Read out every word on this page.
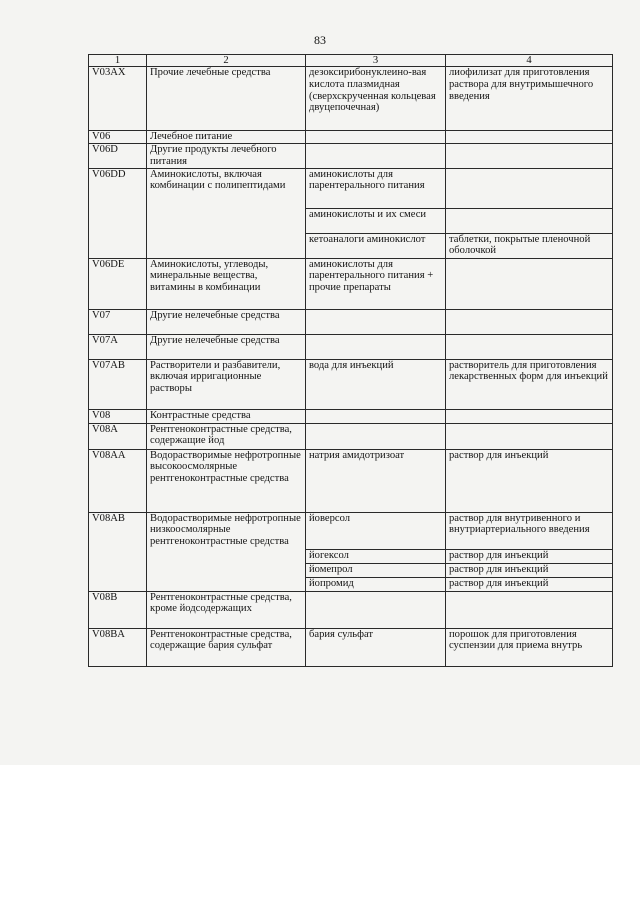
83
1	2	3	4
V03AX	Прочие лечебные средства	дезоксирибонуклеино-вая кислота плазмидная (сверхскрученная кольцевая двуцепочечная)	лиофилизат для приготовления раствора для внутримышечного введения
V06	Лечебное питание		
V06D	Другие продукты лечебного питания		
V06DD	Аминокислоты, включая комбинации с полипептидами	аминокислоты для парентерального питания	
		аминокислоты и их смеси	
		кетоаналоги аминокислот	таблетки, покрытые пленочной оболочкой
V06DE	Аминокислоты, углеводы, минеральные вещества, витамины в комбинации	аминокислоты для парентерального питания + прочие препараты	
V07	Другие нелечебные средства		
V07A	Другие нелечебные средства		
V07AB	Растворители и разбавители, включая ирригационные растворы	вода для инъекций	растворитель для приготовления лекарственных форм для инъекций
V08	Контрастные средства		
V08A	Рентгеноконтрастные средства, содержащие йод		
V08AA	Водорастворимые нефротропные высокоосмолярные рентгеноконтрастные средства	натрия амидотризоат	раствор для инъекций
V08AB	Водорастворимые нефротропные низкоосмолярные рентгеноконтрастные средства	йоверсол	раствор для внутривенного и внутриартериального введения
		йогексол	раствор для инъекций
		йомепрол	раствор для инъекций
		йопромид	раствор для инъекций
V08B	Рентгеноконтрастные средства, кроме йодсодержащих		
V08BA	Рентгеноконтрастные средства, содержащие бария сульфат	бария сульфат	порошок для приготовления суспензии для приема внутрь
